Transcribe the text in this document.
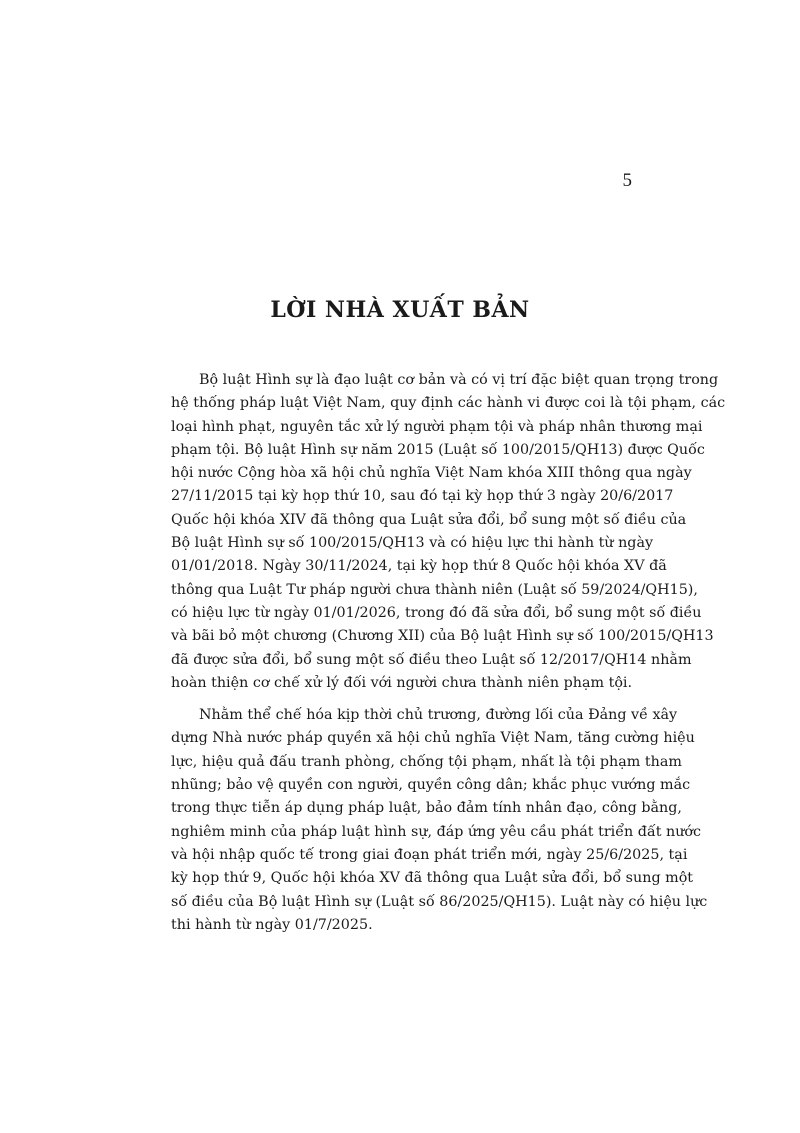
5
LỜI NHÀ XUẤT BẢN
Bộ luật Hình sự là đạo luật cơ bản và có vị trí đặc biệt quan trọng trong
hệ thống pháp luật Việt Nam, quy định các hành vi được coi là tội phạm, các
loại hình phạt, nguyên tắc xử lý người phạm tội và pháp nhân thương mại
phạm tội. Bộ luật Hình sự năm 2015 (Luật số 100/2015/QH13) được Quốc
hội nước Cộng hòa xã hội chủ nghĩa Việt Nam khóa XIII thông qua ngày
27/11/2015 tại kỳ họp thứ 10, sau đó tại kỳ họp thứ 3 ngày 20/6/2017
Quốc hội khóa XIV đã thông qua Luật sửa đổi, bổ sung một số điều của
Bộ luật Hình sự số 100/2015/QH13 và có hiệu lực thi hành từ ngày
01/01/2018. Ngày 30/11/2024, tại kỳ họp thứ 8 Quốc hội khóa XV đã
thông qua Luật Tư pháp người chưa thành niên (Luật số 59/2024/QH15),
có hiệu lực từ ngày 01/01/2026, trong đó đã sửa đổi, bổ sung một số điều
và bãi bỏ một chương (Chương XII) của Bộ luật Hình sự số 100/2015/QH13
đã được sửa đổi, bổ sung một số điều theo Luật số 12/2017/QH14 nhằm
hoàn thiện cơ chế xử lý đối với người chưa thành niên phạm tội.
Nhằm thể chế hóa kịp thời chủ trương, đường lối của Đảng về xây
dựng Nhà nước pháp quyền xã hội chủ nghĩa Việt Nam, tăng cường hiệu
lực, hiệu quả đấu tranh phòng, chống tội phạm, nhất là tội phạm tham
nhũng; bảo vệ quyền con người, quyền công dân; khắc phục vướng mắc
trong thực tiễn áp dụng pháp luật, bảo đảm tính nhân đạo, công bằng,
nghiêm minh của pháp luật hình sự, đáp ứng yêu cầu phát triển đất nước
và hội nhập quốc tế trong giai đoạn phát triển mới, ngày 25/6/2025, tại
kỳ họp thứ 9, Quốc hội khóa XV đã thông qua Luật sửa đổi, bổ sung một
số điều của Bộ luật Hình sự (Luật số 86/2025/QH15). Luật này có hiệu lực
thi hành từ ngày 01/7/2025.
